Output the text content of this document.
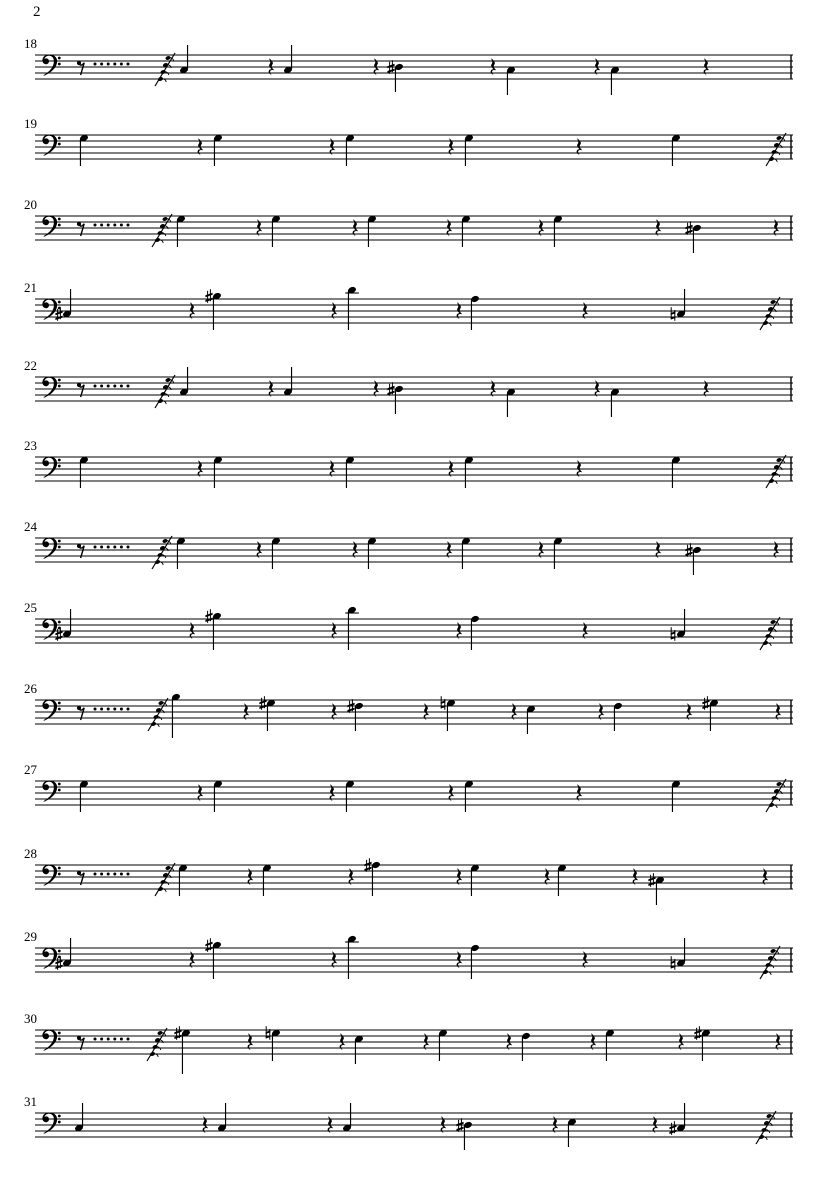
2
18
19
20
21
22
23
24
25
26
27
28
29
30
31
